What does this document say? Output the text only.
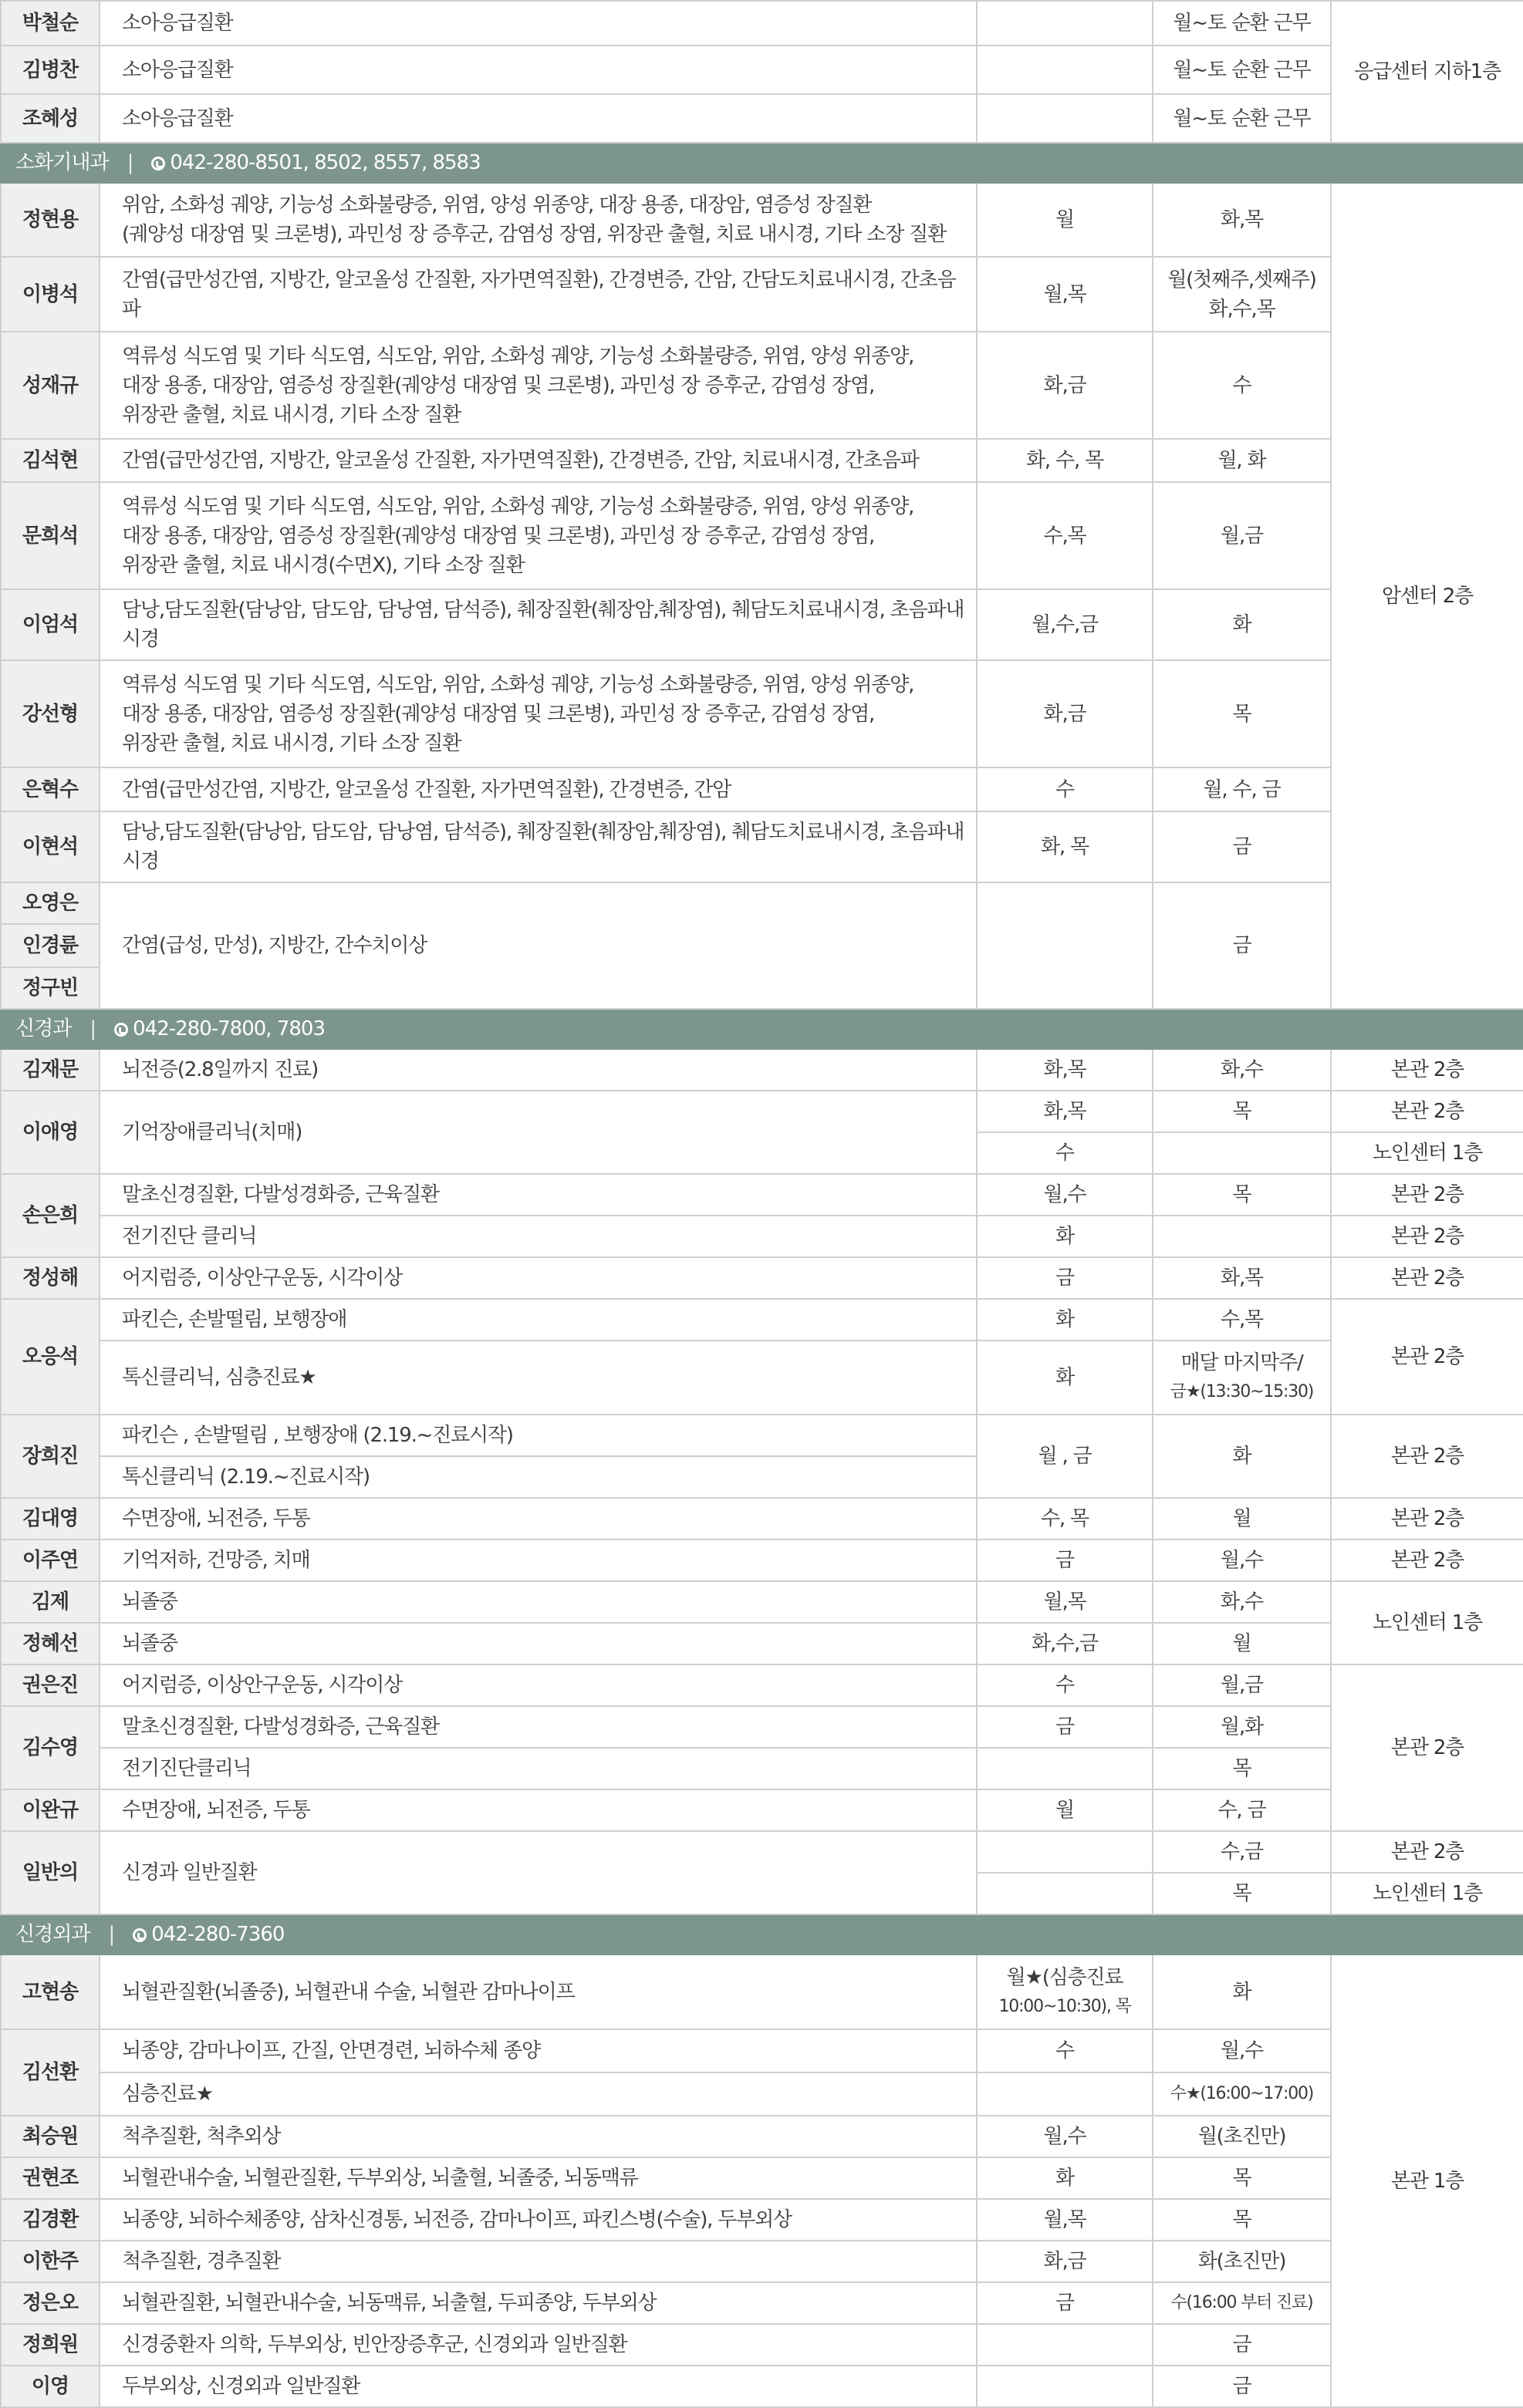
박철순	소아응급질환		월~토 순환 근무	응급센터 지하1층
김병찬	소아응급질환		월~토 순환 근무	
조혜성	소아응급질환		월~토 순환 근무	
소화기내과 | 042-280-8501, 8502, 8557, 8583				
정현용	위암, 소화성 궤양, 기능성 소화불량증, 위염, 양성 위종양, 대장 용종, 대장암, 염증성 장질환
(궤양성 대장염 및 크론병), 과민성 장 증후군, 감염성 장염, 위장관 출혈, 치료 내시경, 기타 소장 질환	월	화,목	암센터 2층
이병석	간염(급만성간염, 지방간, 알코올성 간질환, 자가면역질환), 간경변증, 간암, 간담도치료내시경, 간초음파	월,목	월(첫째주,셋째주)
화,수,목	
성재규	역류성 식도염 및 기타 식도염, 식도암, 위암, 소화성 궤양, 기능성 소화불량증, 위염, 양성 위종양,
대장 용종, 대장암, 염증성 장질환(궤양성 대장염 및 크론병), 과민성 장 증후군, 감염성 장염,
위장관 출혈, 치료 내시경, 기타 소장 질환	화,금	수	
김석현	간염(급만성간염, 지방간, 알코올성 간질환, 자가면역질환), 간경변증, 간암, 치료내시경, 간초음파	화, 수, 목	월, 화	
문희석	역류성 식도염 및 기타 식도염, 식도암, 위암, 소화성 궤양, 기능성 소화불량증, 위염, 양성 위종양,
대장 용종, 대장암, 염증성 장질환(궤양성 대장염 및 크론병), 과민성 장 증후군, 감염성 장염,
위장관 출혈, 치료 내시경(수면X), 기타 소장 질환	수,목	월,금	
이엄석	담낭,담도질환(담낭암, 담도암, 담낭염, 담석증), 췌장질환(췌장암,췌장염), 췌담도치료내시경, 초음파내시경	월,수,금	화	
강선형	역류성 식도염 및 기타 식도염, 식도암, 위암, 소화성 궤양, 기능성 소화불량증, 위염, 양성 위종양,
대장 용종, 대장암, 염증성 장질환(궤양성 대장염 및 크론병), 과민성 장 증후군, 감염성 장염,
위장관 출혈, 치료 내시경, 기타 소장 질환	화,금	목	
은혁수	간염(급만성간염, 지방간, 알코올성 간질환, 자가면역질환), 간경변증, 간암	수	월, 수, 금	
이현석	담낭,담도질환(담낭암, 담도암, 담낭염, 담석증), 췌장질환(췌장암,췌장염), 췌담도치료내시경, 초음파내시경	화, 목	금	
오영은	간염(급성, 만성), 지방간, 간수치이상		금	
인경륜				
정구빈				
신경과 | 042-280-7800, 7803				
김재문	뇌전증(2.8일까지 진료)	화,목	화,수	본관 2층
이애영	기억장애클리닉(치매)	화,목	목	본관 2층
		수		노인센터 1층
손은희	말초신경질환, 다발성경화증, 근육질환	월,수	목	본관 2층
	전기진단 클리닉	화		본관 2층
정성해	어지럼증, 이상안구운동, 시각이상	금	화,목	본관 2층
오응석	파킨슨, 손발떨림, 보행장애	화	수,목	본관 2층
	톡신클리닉, 심층진료★	화	매달 마지막주/
금★(13:30~15:30)	

장희진	파킨슨 , 손발떨림 , 보행장애 (2.19.~진료시작)	월 , 금	화	본관 2층
	톡신클리닉 (2.19.~진료시작)			
김대영	수면장애, 뇌전증, 두통	수, 목	월	본관 2층
이주연	기억저하, 건망증, 치매	금	월,수	본관 2층
김제	뇌졸중	월,목	화,수	노인센터 1층
정혜선	뇌졸중	화,수,금	월	
권은진	어지럼증, 이상안구운동, 시각이상	수	월,금	본관 2층
김수영	말초신경질환, 다발성경화증, 근육질환	금	월,화	
	전기진단클리닉		목	
이완규	수면장애, 뇌전증, 두통	월	수, 금	
일반의	신경과 일반질환		수,금	본관 2층
			목	노인센터 1층
신경외과 | 042-280-7360				
고현송	뇌혈관질환(뇌졸중), 뇌혈관내 수술, 뇌혈관 감마나이프	월★(심층진료
10:00~10:30), 목	화	본관 1층
김선환	뇌종양, 감마나이프, 간질, 안면경련, 뇌하수체 종양	수	월,수	
	심층진료★		수★(16:00~17:00)	
최승원	척추질환, 척추외상	월,수	월(초진만)	
권현조	뇌혈관내수술, 뇌혈관질환, 두부외상, 뇌출혈, 뇌졸중, 뇌동맥류	화	목	
김경환	뇌종양, 뇌하수체종양, 삼차신경통, 뇌전증, 감마나이프, 파킨스병(수술), 두부외상	월,목	목	
이한주	척추질환, 경추질환	화,금	화(초진만)	
정은오	뇌혈관질환, 뇌혈관내수술, 뇌동맥류, 뇌출혈, 두피종양, 두부외상	금	수(16:00 부터 진료)	
정희원	신경중환자 의학, 두부외상, 빈안장증후군, 신경외과 일반질환		금	
이영	두부외상, 신경외과 일반질환		금	
